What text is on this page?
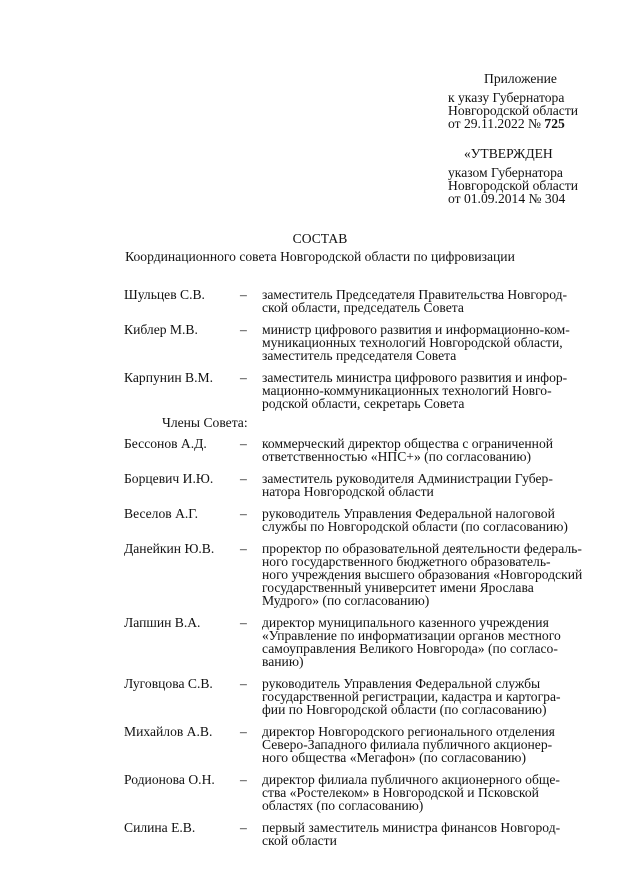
Приложение
к указу Губернатора
Новгородской области
от 29.11.2022 № 725
«УТВЕРЖДЕН
указом Губернатора
Новгородской области
от 01.09.2014 № 304
СОСТАВ
Координационного совета Новгородской области по цифровизации
Шульцев С.В.	–	заместитель Председателя Правительства Новгород-
ской области, председатель Совета
Киблер М.В.	–	министр цифрового развития и информационно-ком-
муникационных технологий Новгородской области,
заместитель председателя Совета
Карпунин В.М.	–	заместитель министра цифрового развития и инфор-
мационно-коммуникационных технологий Новго-
родской области, секретарь Совета
Члены Совета:
Бессонов А.Д.	–	коммерческий директор общества с ограниченной
ответственностью «НПС+» (по согласованию)
Борцевич И.Ю.	–	заместитель руководителя Администрации Губер-
натора Новгородской области
Веселов А.Г.	–	руководитель Управления Федеральной налоговой
службы по Новгородской области (по согласованию)
Данейкин Ю.В.	–	проректор по образовательной деятельности федераль-
ного государственного бюджетного образователь-
ного учреждения высшего образования «Новгородский
государственный университет имени Ярослава
Мудрого» (по согласованию)
Лапшин В.А.	–	директор муниципального казенного учреждения
«Управление по информатизации органов местного
самоуправления Великого Новгорода» (по согласо-
ванию)
Луговцова С.В.	–	руководитель Управления Федеральной службы
государственной регистрации, кадастра и картогра-
фии по Новгородской области (по согласованию)
Михайлов А.В.	–	директор Новгородского регионального отделения
Северо-Западного филиала публичного акционер-
ного общества «Мегафон» (по согласованию)
Родионова О.Н.	–	директор филиала публичного акционерного обще-
ства «Ростелеком» в Новгородской и Псковской
областях (по согласованию)
Силина Е.В.	–	первый заместитель министра финансов Новгород-
ской области
